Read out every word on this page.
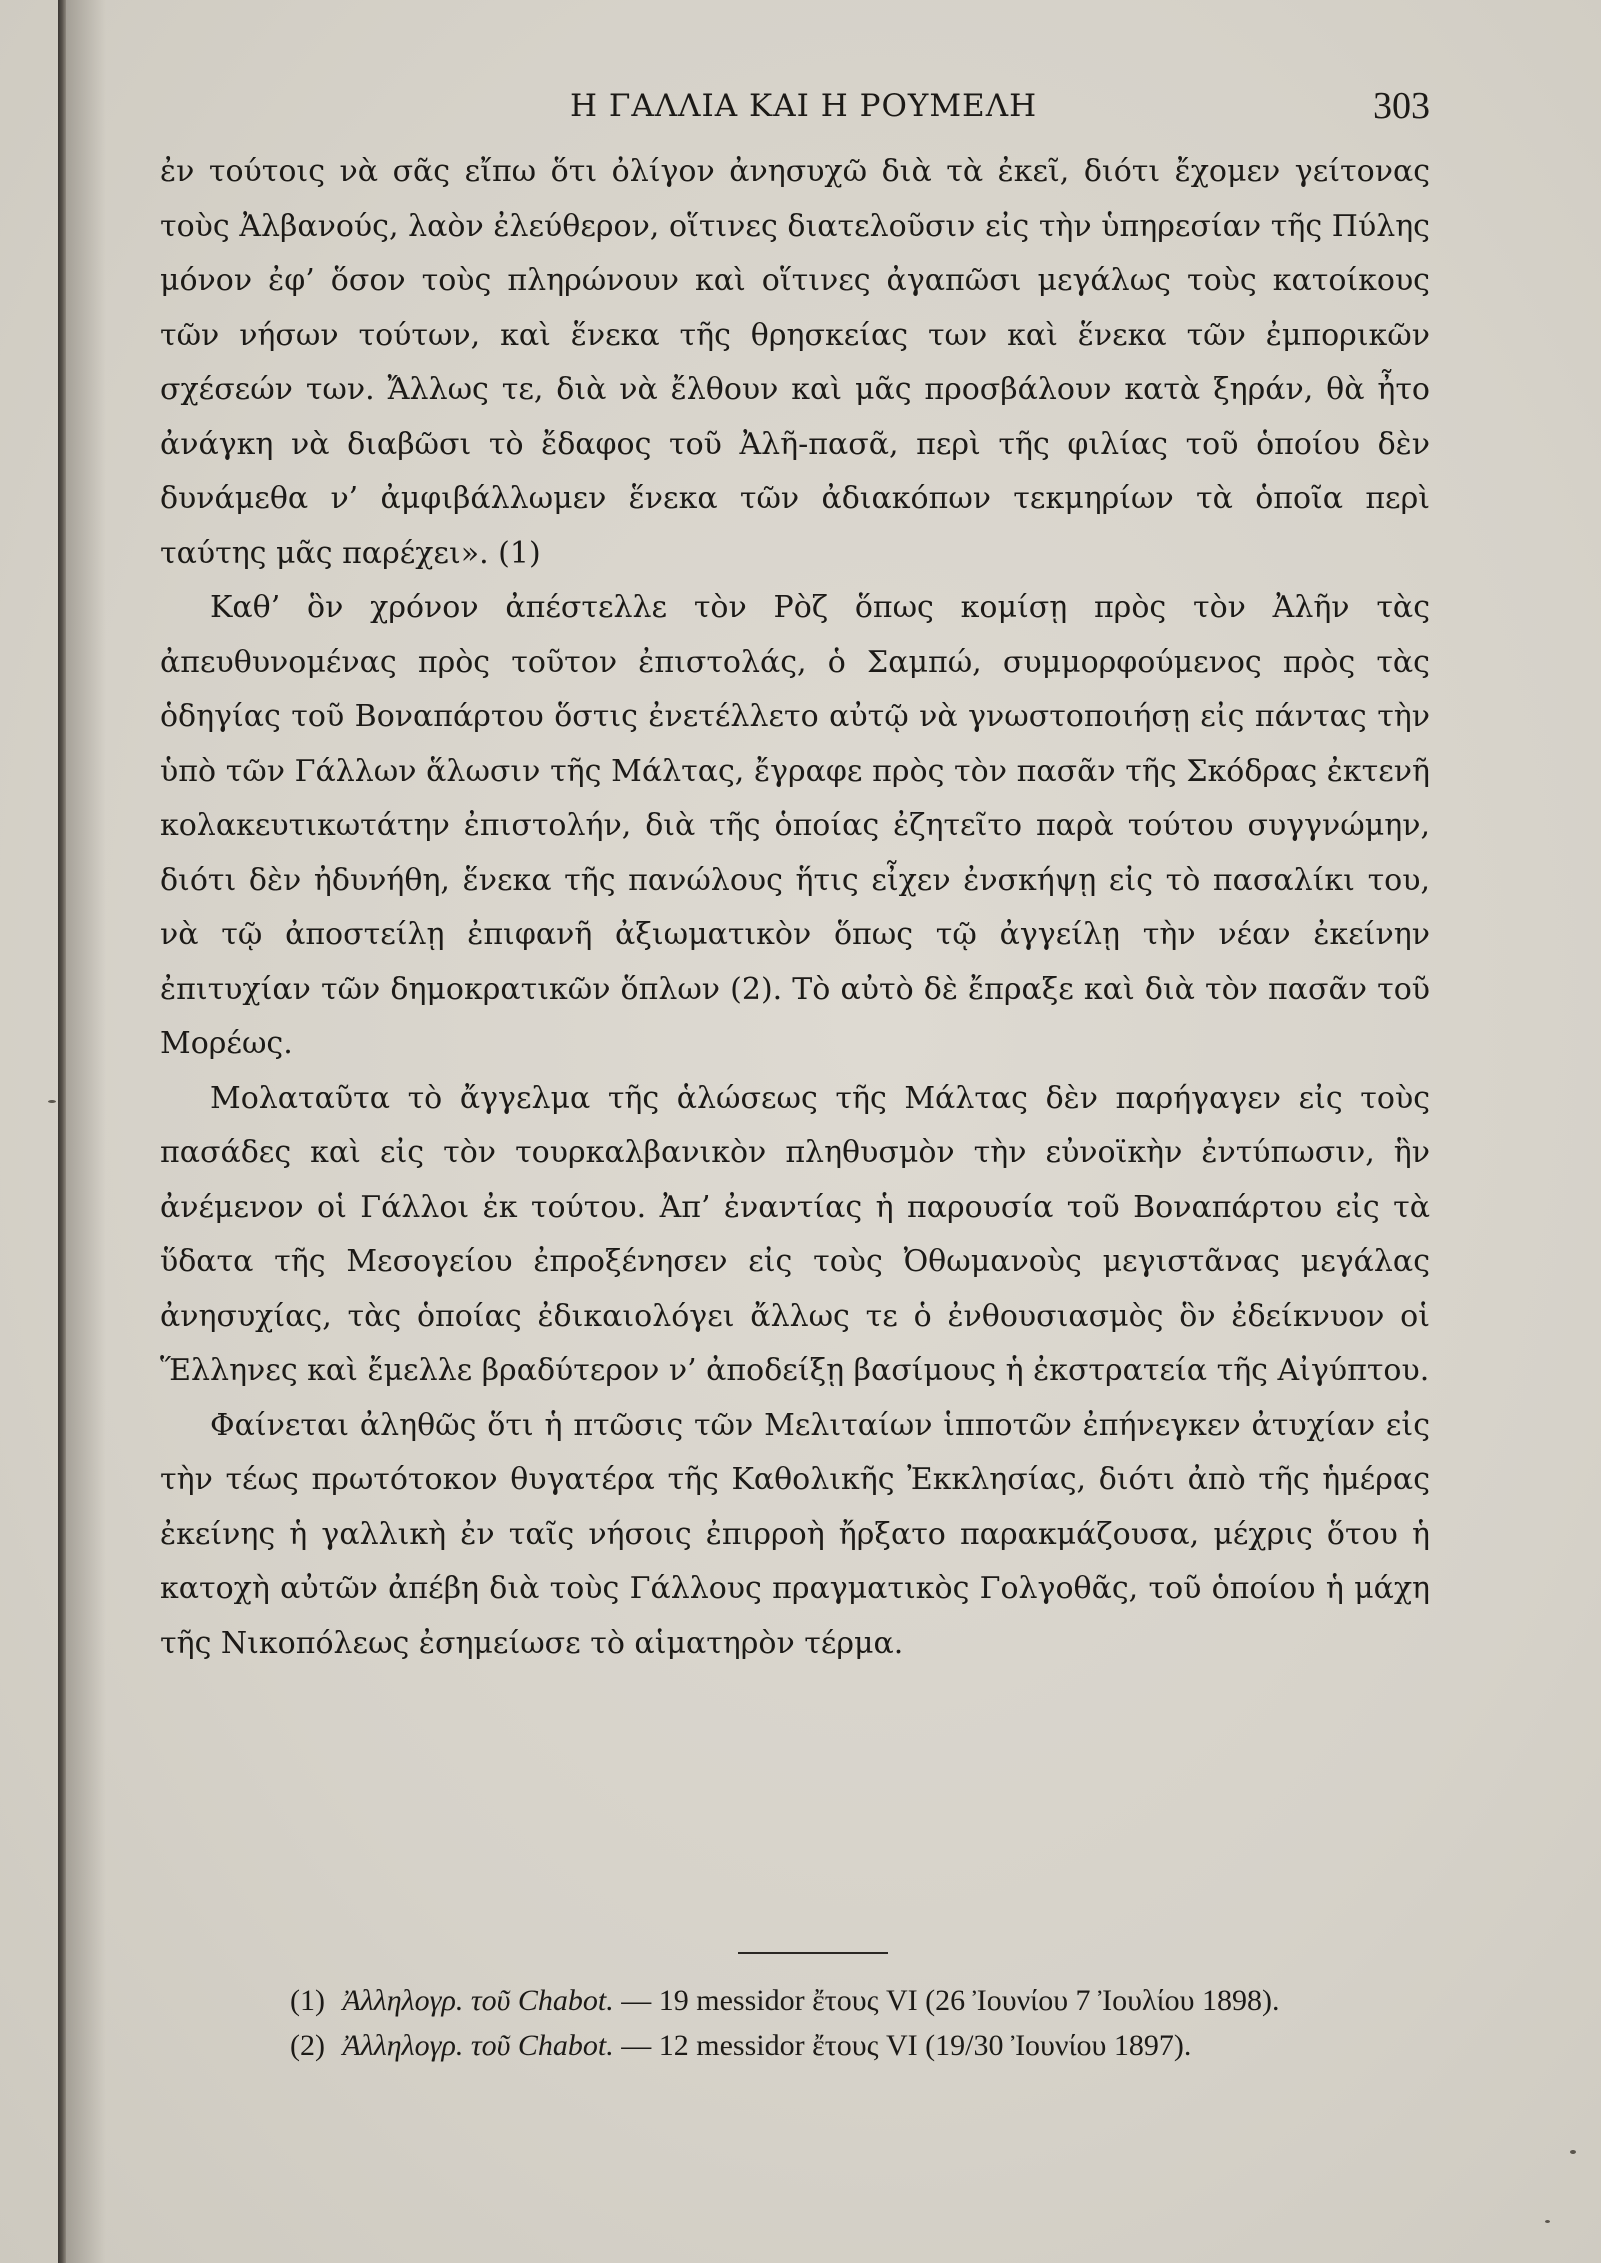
Η ΓΑΛΛΙΑ ΚΑΙ Η ΡΟΥΜΕΛΗ	303

ἐν τούτοις νὰ σᾶς εἴπω ὅτι ὀλίγον ἀνησυχῶ διὰ τὰ ἐκεῖ, διότι ἔχομεν γείτονας τοὺς Ἀλβανούς, λαὸν ἐλεύθερον, οἵτινες διατελοῦσιν εἰς τὴν ὑπηρεσίαν τῆς Πύλης μόνον ἐφ’ ὅσον τοὺς πληρώνουν καὶ οἵτινες ἀγαπῶσι μεγάλως τοὺς κατοίκους τῶν νήσων τούτων, καὶ ἕνεκα τῆς θρησκείας των καὶ ἕνεκα τῶν ἐμπορικῶν σχέσεών των. Ἄλλως τε, διὰ νὰ ἔλθουν καὶ μᾶς προσβάλουν κατὰ ξηράν, θὰ ἦτο ἀνάγκη νὰ διαβῶσι τὸ ἔδαφος τοῦ Ἀλῆ-πασᾶ, περὶ τῆς φιλίας τοῦ ὁποίου δὲν δυνάμεθα ν’ ἀμφιβάλλωμεν ἕνεκα τῶν ἀδιακόπων τεκμηρίων τὰ ὁποῖα περὶ ταύτης μᾶς παρέχει». (1)

Καθ’ ὃν χρόνον ἀπέστελλε τὸν Ρὸζ ὅπως κομίσῃ πρὸς τὸν Ἀλῆν τὰς ἀπευθυνομένας πρὸς τοῦτον ἐπιστολάς, ὁ Σαμπώ, συμμορφούμενος πρὸς τὰς ὁδηγίας τοῦ Βοναπάρτου ὅστις ἐνετέλλετο αὐτῷ νὰ γνωστοποιήσῃ εἰς πάντας τὴν ὑπὸ τῶν Γάλλων ἅλωσιν τῆς Μάλτας, ἔγραφε πρὸς τὸν πασᾶν τῆς Σκόδρας ἐκτενῆ κολακευτικωτάτην ἐπιστολήν, διὰ τῆς ὁποίας ἐζητεῖτο παρὰ τούτου συγγνώμην, διότι δὲν ἠδυνήθη, ἕνεκα τῆς πανώλους ἥτις εἶχεν ἐνσκήψῃ εἰς τὸ πασαλίκι του, νὰ τῷ ἀποστείλῃ ἐπιφανῆ ἀξιωματικὸν ὅπως τῷ ἀγγείλῃ τὴν νέαν ἐκείνην ἐπιτυχίαν τῶν δημοκρατικῶν ὅπλων (2). Τὸ αὐτὸ δὲ ἔπραξε καὶ διὰ τὸν πασᾶν τοῦ Μορέως.

Μολαταῦτα τὸ ἄγγελμα τῆς ἁλώσεως τῆς Μάλτας δὲν παρήγαγεν εἰς τοὺς πασάδες καὶ εἰς τὸν τουρκαλβανικὸν πληθυσμὸν τὴν εὐνοϊκὴν ἐντύπωσιν, ἣν ἀνέμενον οἱ Γάλλοι ἐκ τούτου. Ἀπ’ ἐναντίας ἡ παρουσία τοῦ Βοναπάρτου εἰς τὰ ὕδατα τῆς Μεσογείου ἐπροξένησεν εἰς τοὺς Ὀθωμανοὺς μεγιστᾶνας μεγάλας ἀνησυχίας, τὰς ὁποίας ἐδικαιολόγει ἄλλως τε ὁ ἐνθουσιασμὸς ὃν ἐδείκνυον οἱ Ἕλληνες καὶ ἔμελλε βραδύτερον ν’ ἀποδείξῃ βασίμους ἡ ἐκστρατεία τῆς Αἰγύπτου.

Φαίνεται ἀληθῶς ὅτι ἡ πτῶσις τῶν Μελιταίων ἱπποτῶν ἐπήνεγκεν ἀτυχίαν εἰς τὴν τέως πρωτότοκον θυγατέρα τῆς Καθολικῆς Ἐκκλησίας, διότι ἀπὸ τῆς ἡμέρας ἐκείνης ἡ γαλλικὴ ἐν ταῖς νήσοις ἐπιρροὴ ἤρξατο παρακμάζουσα, μέχρις ὅτου ἡ κατοχὴ αὐτῶν ἀπέβη διὰ τοὺς Γάλλους πραγματικὸς Γολγοθᾶς, τοῦ ὁποίου ἡ μάχη τῆς Νικοπόλεως ἐσημείωσε τὸ αἱματηρὸν τέρμα.

(1) Ἀλληλογρ. τοῦ Chabot. — 19 messidor ἔτους VI (26 Ἰουνίου 7 Ἰουλίου 1898).
(2) Ἀλληλογρ. τοῦ Chabot. — 12 messidor ἔτους VI (19/30 Ἰουνίου 1897).
